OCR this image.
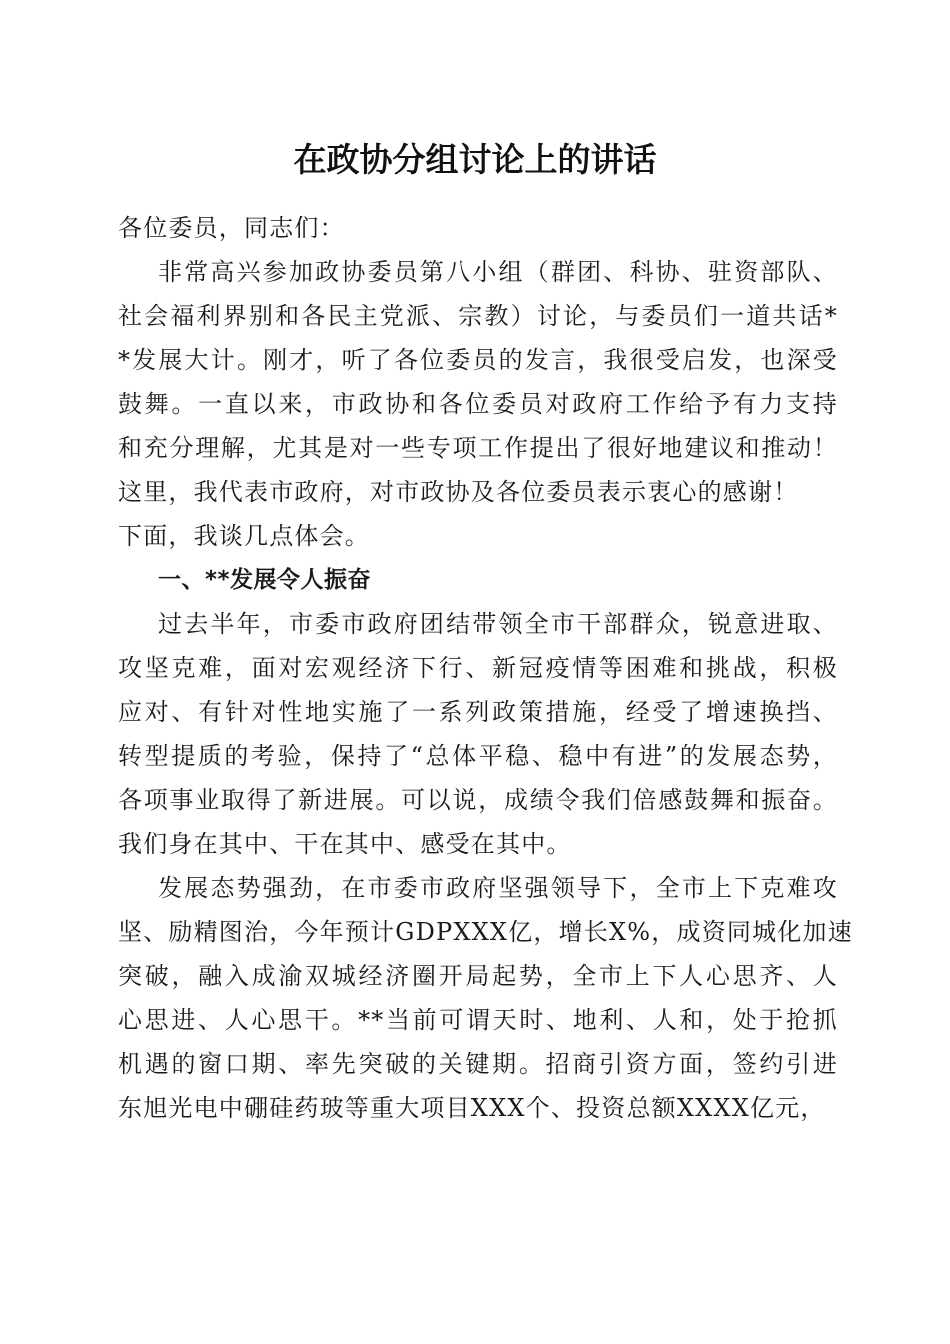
在政协分组讨论上的讲话

各位委员，同志们：

非常高兴参加政协委员第八小组（群团、科协、驻资部队、

社会福利界别和各民主党派、宗教）讨论，与委员们一道共话*

*发展大计。刚才，听了各位委员的发言，我很受启发，也深受

鼓舞。一直以来，市政协和各位委员对政府工作给予有力支持

和充分理解，尤其是对一些专项工作提出了很好地建议和推动！

这里，我代表市政府，对市政协及各位委员表示衷心的感谢！

下面，我谈几点体会。

一、**发展令人振奋

过去半年，市委市政府团结带领全市干部群众，锐意进取、

攻坚克难，面对宏观经济下行、新冠疫情等困难和挑战，积极

应对、有针对性地实施了一系列政策措施，经受了增速换挡、

转型提质的考验，保持了“总体平稳、稳中有进”的发展态势，

各项事业取得了新进展。可以说，成绩令我们倍感鼓舞和振奋。

我们身在其中、干在其中、感受在其中。

发展态势强劲，在市委市政府坚强领导下，全市上下克难攻

坚、励精图治，今年预计GDPXXX亿，增长X%，成资同城化加速

突破，融入成渝双城经济圈开局起势，全市上下人心思齐、人

心思进、人心思干。**当前可谓天时、地利、人和，处于抢抓

机遇的窗口期、率先突破的关键期。招商引资方面，签约引进

东旭光电中硼硅药玻等重大项目XXX个、投资总额XXXX亿元，
